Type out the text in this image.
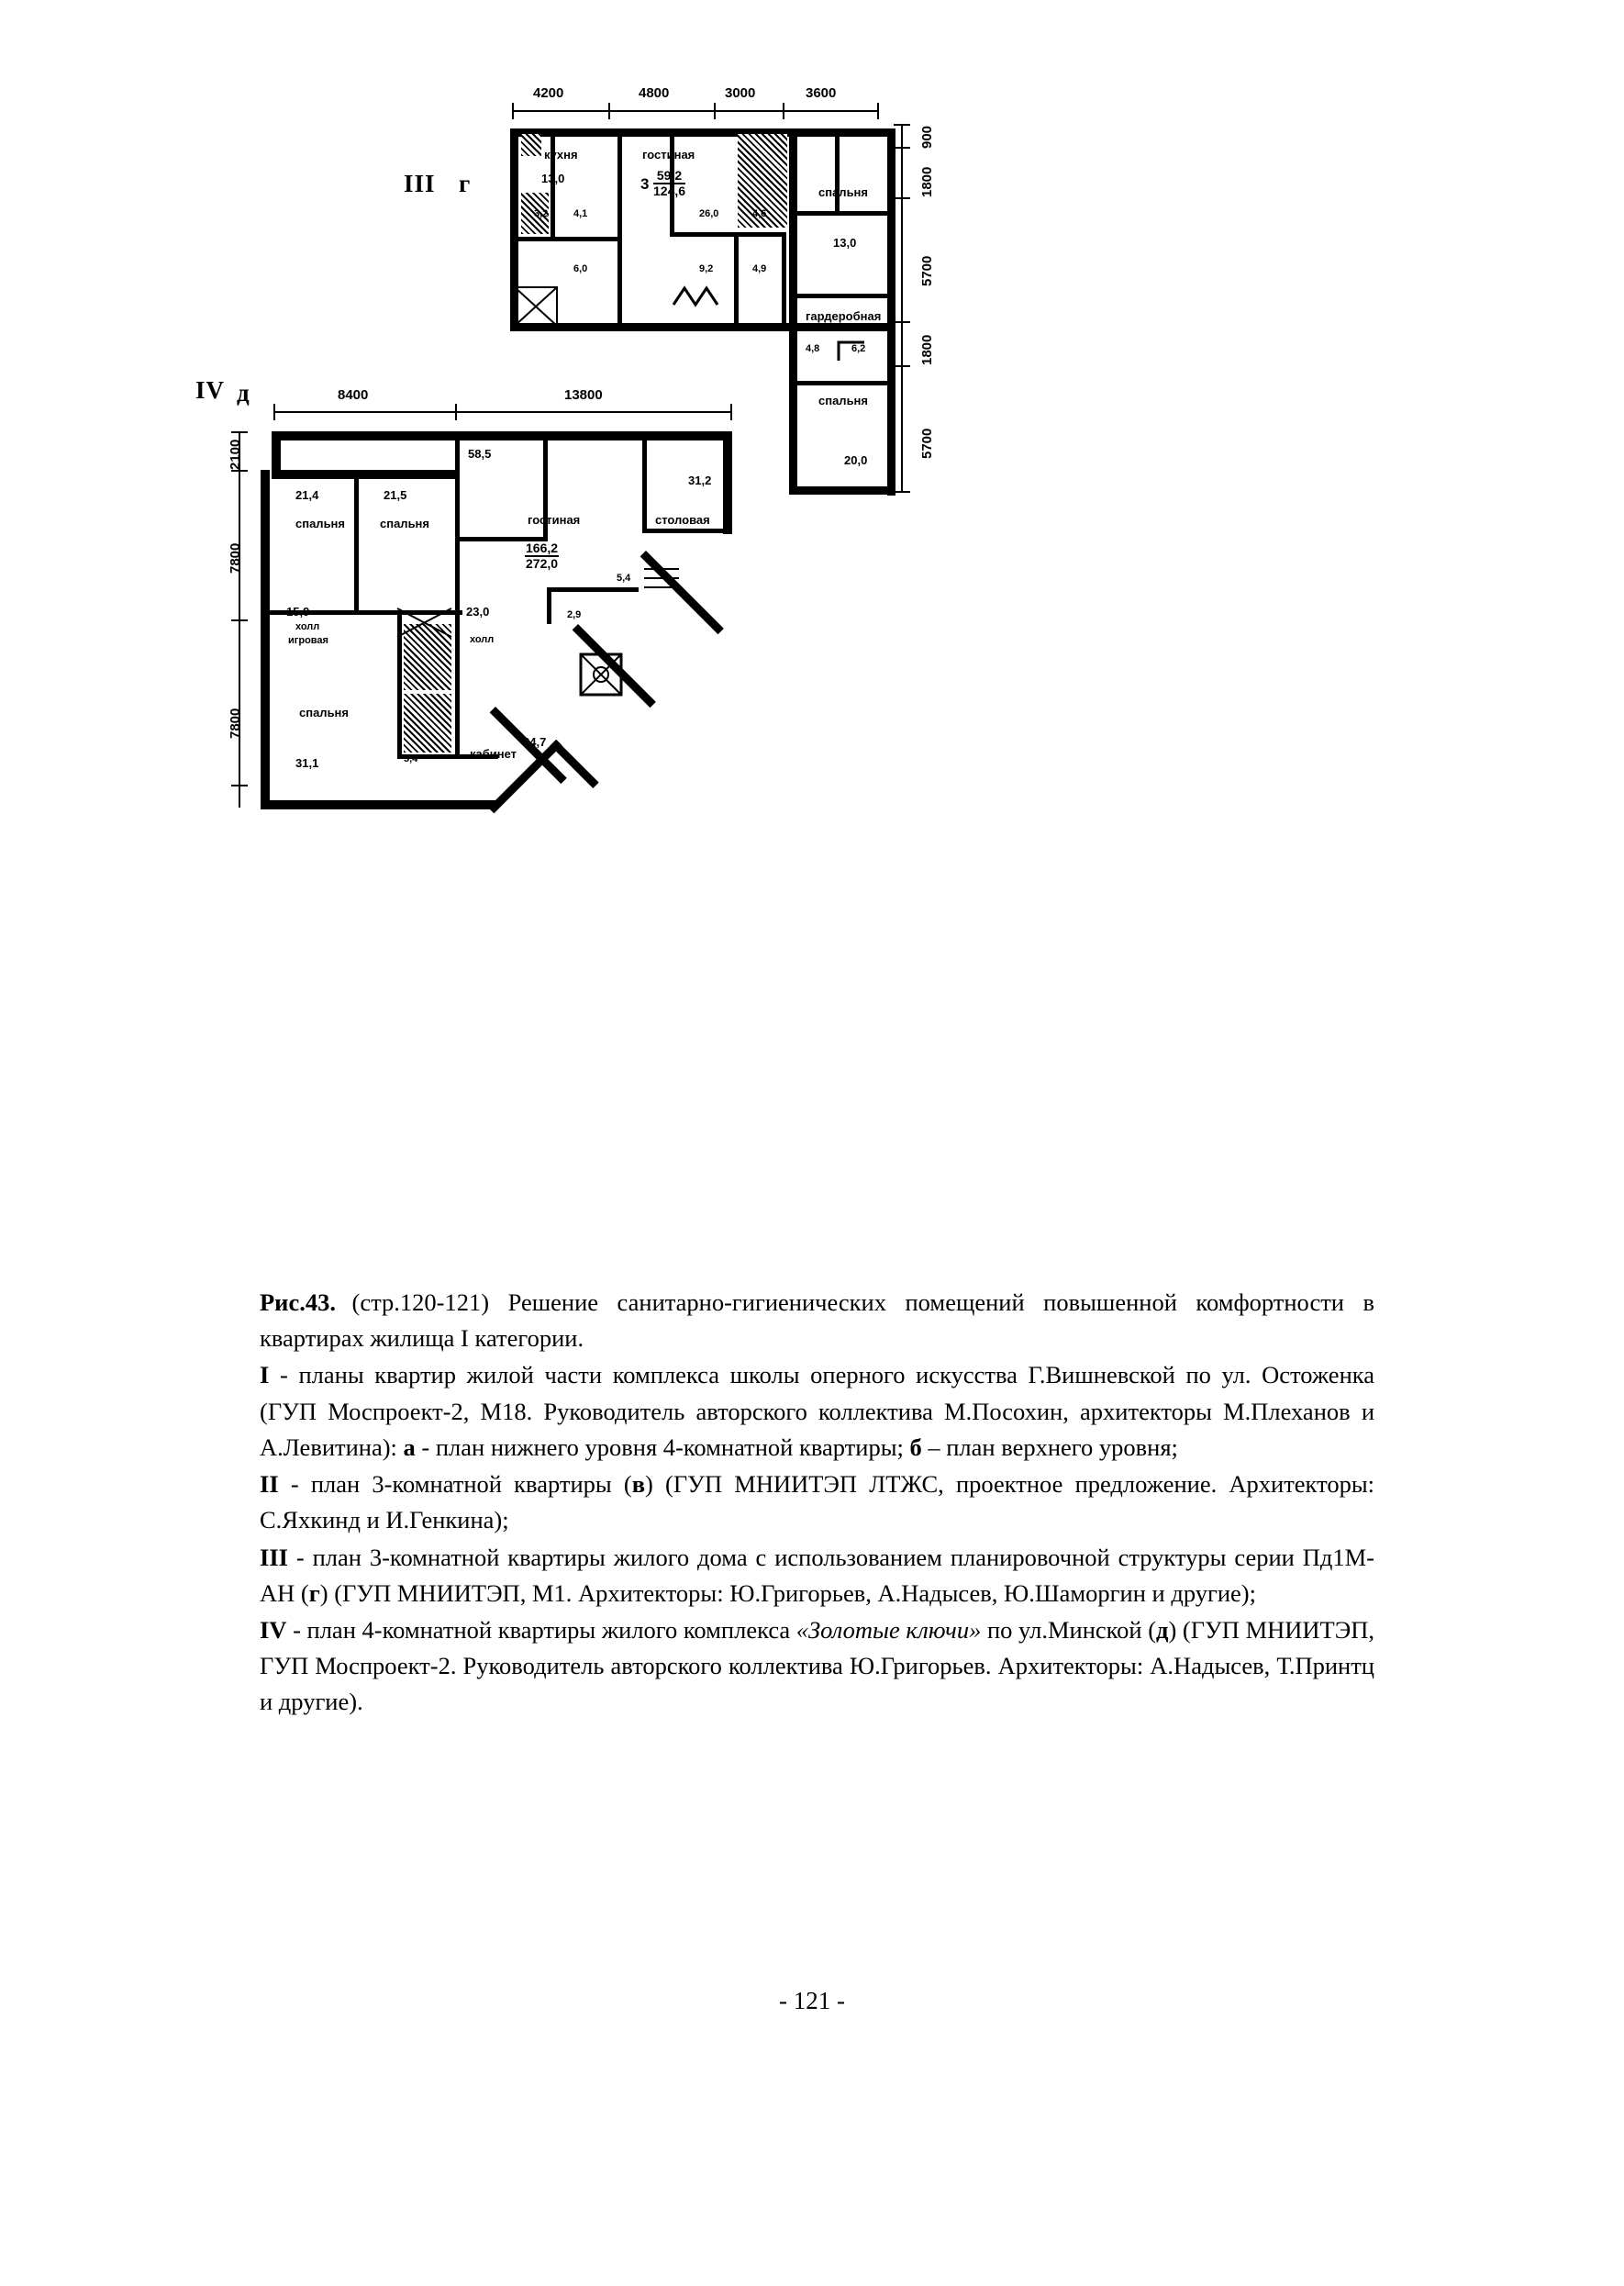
III г
4200	4800	3000	3600
900
1800
5700
1800
5700
кухня
13,0
гостиная
спальня
13,0
гардеробная
спальня
20,0
$3 \frac{59,2}{124,6}$
3,2	4,1	26,0	4,6
6,0	9,2	4,9
4,8	6,2
IV д	8400	13800
2100
7800
7800
21,4
спальня
21,5
спальня
58,5
гостиная
31,2
столовая
15,9
холл
игровая
23,0
холл
31,1
спальня
кабинет
24,7
$\frac{166,2}{272,0}$
5,4
2,9
5,4

Рис.43. (стр.120-121) Решение санитарно-гигиенических помещений повышенной комфортности в квартирах жилища I категории.

I - планы квартир жилой части комплекса школы оперного искусства Г.Вишневской по ул. Остоженка (ГУП Моспроект-2, М18. Руководитель авторского коллектива М.Посохин, архитекторы М.Плеханов и А.Левитина): а - план нижнего уровня 4-комнатной квартиры; б – план верхнего уровня;

II - план 3-комнатной квартиры (в) (ГУП МНИИТЭП ЛТЖС, проектное предложение. Архитекторы: С.Яхкинд и И.Генкина);

III - план 3-комнатной квартиры жилого дома с использованием планировочной структуры серии Пд1М-АН (г) (ГУП МНИИТЭП, М1. Архитекторы: Ю.Григорьев, А.Надысев, Ю.Шаморгин и другие);

IV - план 4-комнатной квартиры жилого комплекса «Золотые ключи» по ул.Минской (д) (ГУП МНИИТЭП, ГУП Моспроект-2. Руководитель авторского коллектива Ю.Григорьев. Архитекторы: А.Надысев, Т.Принтц и другие).

- 121 -
